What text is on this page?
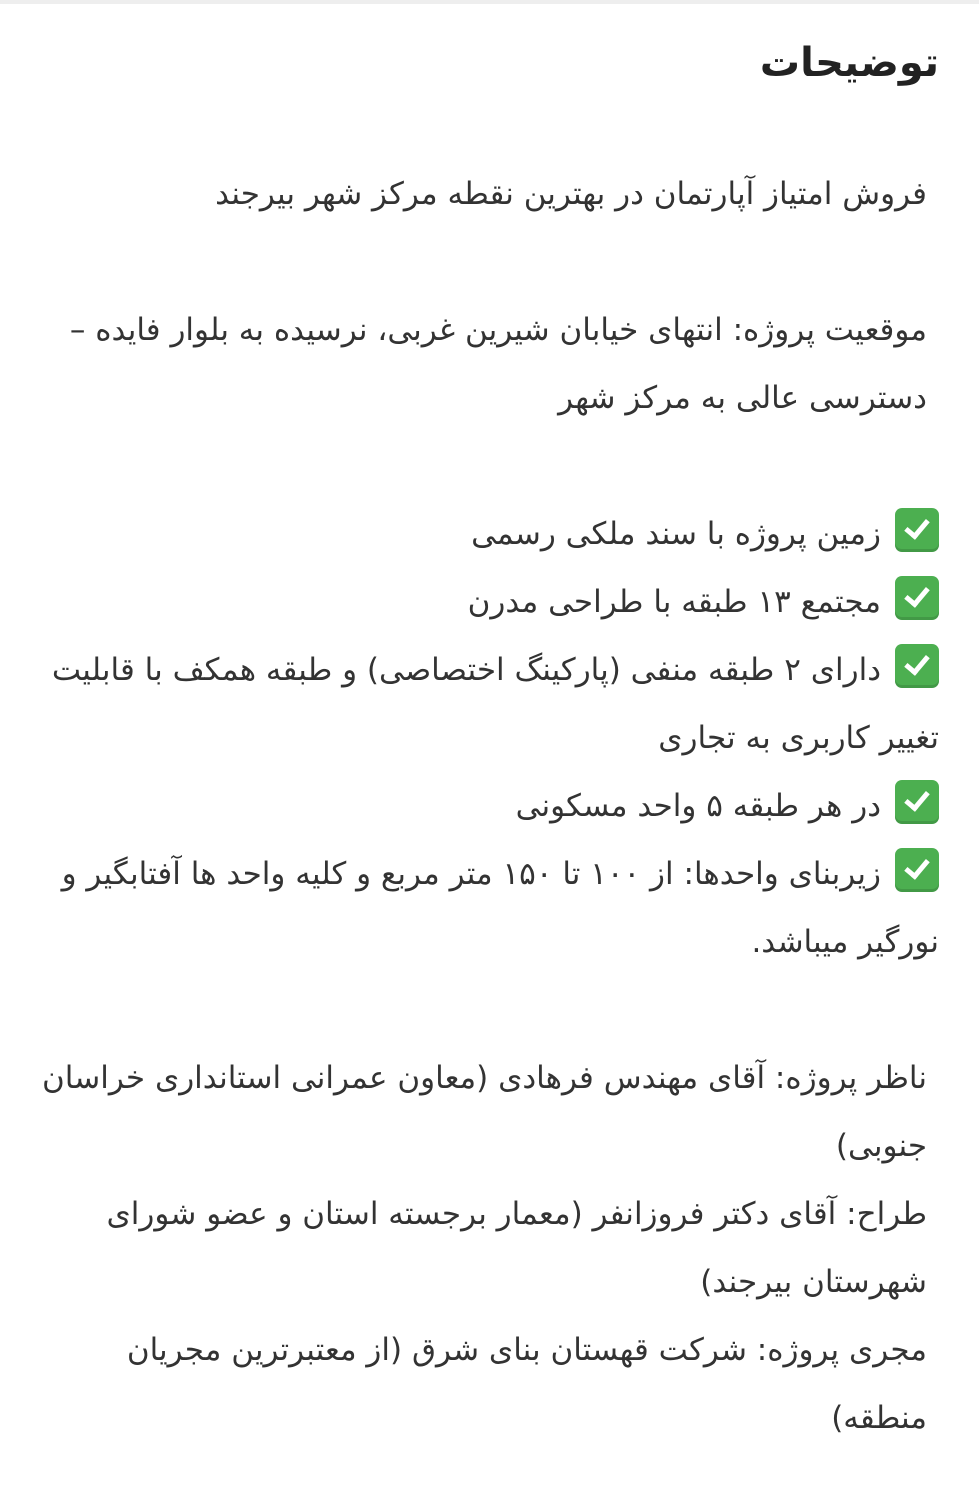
توضیحات
فروش امتیاز آپارتمان در بهترین نقطه مرکز شهر بیرجند
موقعیت پروژه: انتهای خیابان شیرین غربی، نرسیده به بلوار فایده – دسترسی عالی به مرکز شهر
زمین پروژه با سند ملکی رسمی
مجتمع ۱۳ طبقه با طراحی مدرن
دارای ۲ طبقه منفی (پارکینگ اختصاصی) و طبقه همکف با قابلیت تغییر کاربری به تجاری
در هر طبقه ۵ واحد مسکونی
زیربنای واحدها: از ۱۰۰ تا ۱۵۰ متر مربع و کلیه واحد ها آفتابگیر و نورگیر میباشد.
ناظر پروژه: آقای مهندس فرهادی (معاون عمرانی استانداری خراسان جنوبی)
طراح: آقای دکتر فروزانفر (معمار برجسته استان و عضو شورای شهرستان بیرجند)
مجری پروژه: شرکت قهستان بنای شرق (از معتبرترین مجریان منطقه)
